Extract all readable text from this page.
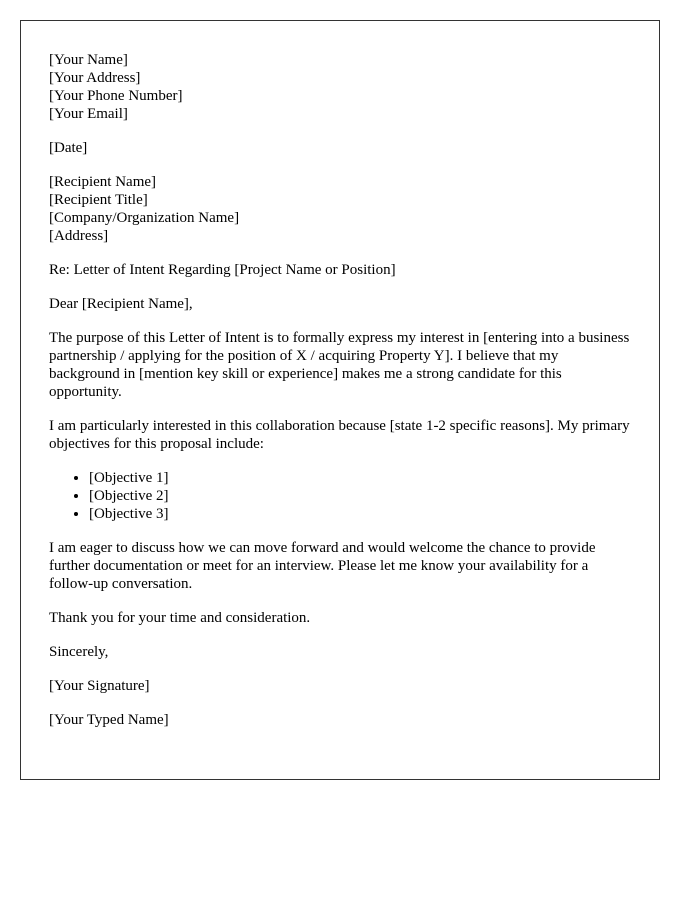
[Your Name]
[Your Address]
[Your Phone Number]
[Your Email]

[Date]

[Recipient Name]
[Recipient Title]
[Company/Organization Name]
[Address]

Re: Letter of Intent Regarding [Project Name or Position]

Dear [Recipient Name],

The purpose of this Letter of Intent is to formally express my interest in [entering into a business partnership / applying for the position of X / acquiring Property Y]. I believe that my background in [mention key skill or experience] makes me a strong candidate for this opportunity.

I am particularly interested in this collaboration because [state 1-2 specific reasons]. My primary objectives for this proposal include:

• [Objective 1]
• [Objective 2]
• [Objective 3]

I am eager to discuss how we can move forward and would welcome the chance to provide further documentation or meet for an interview. Please let me know your availability for a follow-up conversation.

Thank you for your time and consideration.

Sincerely,

[Your Signature]

[Your Typed Name]
